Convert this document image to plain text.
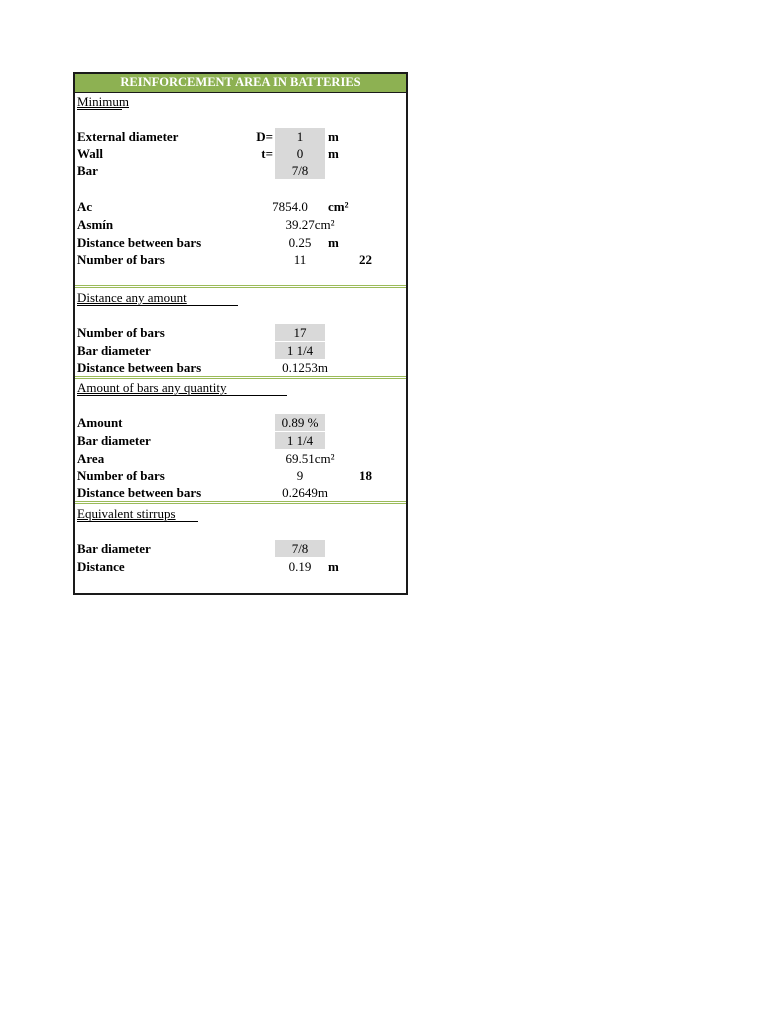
REINFORCEMENT AREA IN BATTERIES
Minimum
External diameter	D=	1	m
Wall	t=	0	m
Bar	7/8
Ac	7854.0	cm²
Asmín	39.27cm²
Distance between bars	0.25	m
Number of bars	11	22
Distance any amount
Number of bars	17
Bar diameter	1 1/4
Distance between bars	0.1253m
Amount of bars any quantity
Amount	0.89 %
Bar diameter	1 1/4
Area	69.51cm²
Number of bars	9	18
Distance between bars	0.2649m
Equivalent stirrups
Bar diameter	7/8
Distance	0.19	m
